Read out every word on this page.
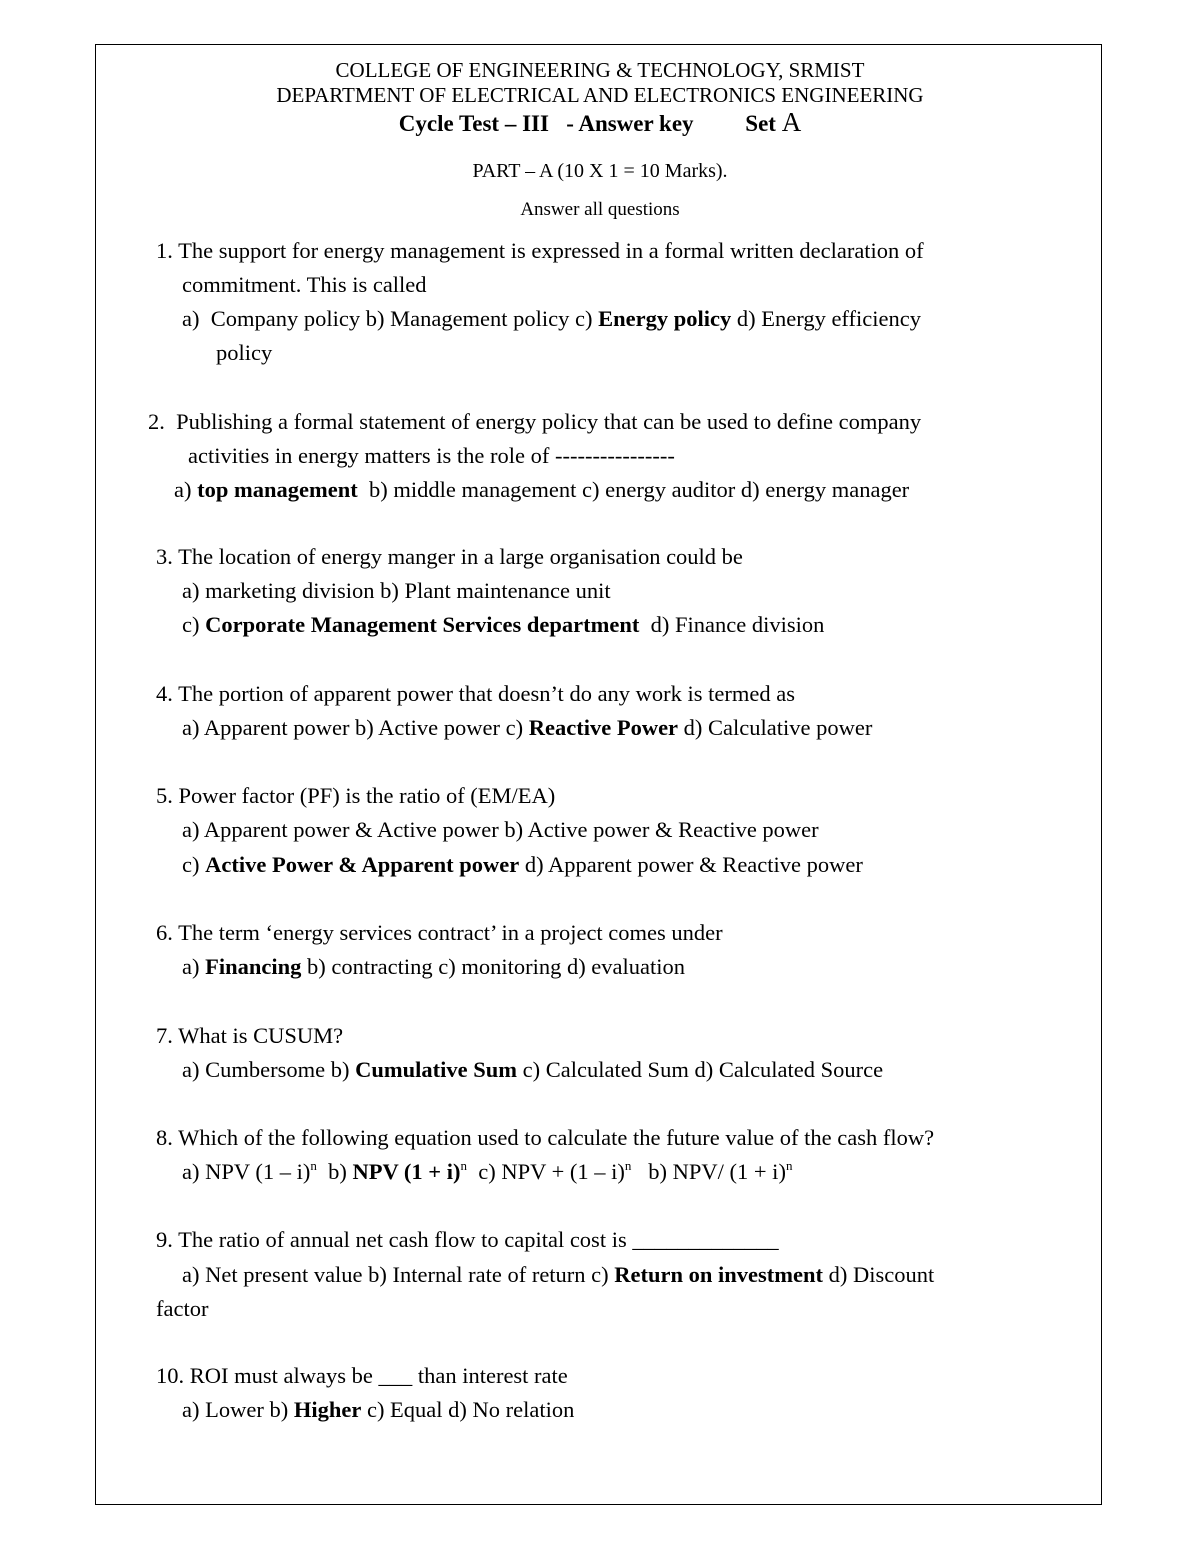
COLLEGE OF ENGINEERING & TECHNOLOGY, SRMIST
DEPARTMENT OF ELECTRICAL AND ELECTRONICS ENGINEERING
Cycle Test – III - Answer key Set A
PART – A (10 X 1 = 10 Marks).
Answer all questions
1. The support for energy management is expressed in a formal written declaration of
commitment. This is called
a) Company policy b) Management policy c) Energy policy d) Energy efficiency
policy
2. Publishing a formal statement of energy policy that can be used to define company
activities in energy matters is the role of ----------------
a) top management b) middle management c) energy auditor d) energy manager
3. The location of energy manger in a large organisation could be
a) marketing division b) Plant maintenance unit
c) Corporate Management Services department d) Finance division
4. The portion of apparent power that doesn’t do any work is termed as
a) Apparent power b) Active power c) Reactive Power d) Calculative power
5. Power factor (PF) is the ratio of (EM/EA)
a) Apparent power & Active power b) Active power & Reactive power
c) Active Power & Apparent power d) Apparent power & Reactive power
6. The term ‘energy services contract’ in a project comes under
a) Financing b) contracting c) monitoring d) evaluation
7. What is CUSUM?
a) Cumbersome b) Cumulative Sum c) Calculated Sum d) Calculated Source
8. Which of the following equation used to calculate the future value of the cash flow?
a) NPV (1 – i)$^n$ b) NPV $(1 + i)^n$ c) NPV + (1 – i)$^n$ b) NPV/ $(1 + i)^n$
9. The ratio of annual net cash flow to capital cost is _____________
a) Net present value b) Internal rate of return c) Return on investment d) Discount
factor
10. ROI must always be ___ than interest rate
a) Lower b) Higher c) Equal d) No relation
